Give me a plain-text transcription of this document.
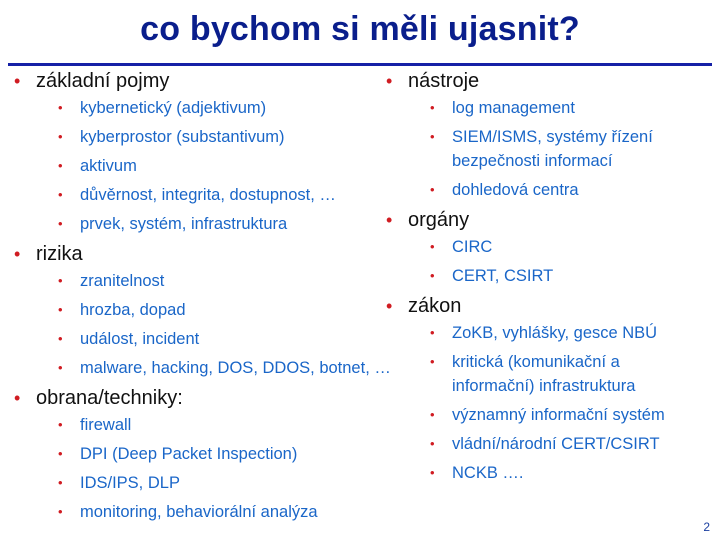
co bychom si měli ujasnit?
• základní pojmy
• kybernetický (adjektivum)
• kyberprostor (substantivum)
• aktivum
• důvěrnost, integrita, dostupnost, …
• prvek, systém, infrastruktura
• rizika
• zranitelnost
• hrozba, dopad
• událost, incident
• malware, hacking, DOS, DDOS, botnet, …
• obrana/techniky:
• firewall
• DPI (Deep Packet Inspection)
• IDS/IPS, DLP
• monitoring, behaviorální analýza
• nástroje
• log management
• SIEM/ISMS, systémy řízení bezpečnosti informací
• dohledová centra
• orgány
• CIRC
• CERT, CSIRT
• zákon
• ZoKB, vyhlášky, gesce NBÚ
• kritická (komunikační a informační) infrastruktura
• významný informační systém
• vládní/národní CERT/CSIRT
• NCKB ….
2
